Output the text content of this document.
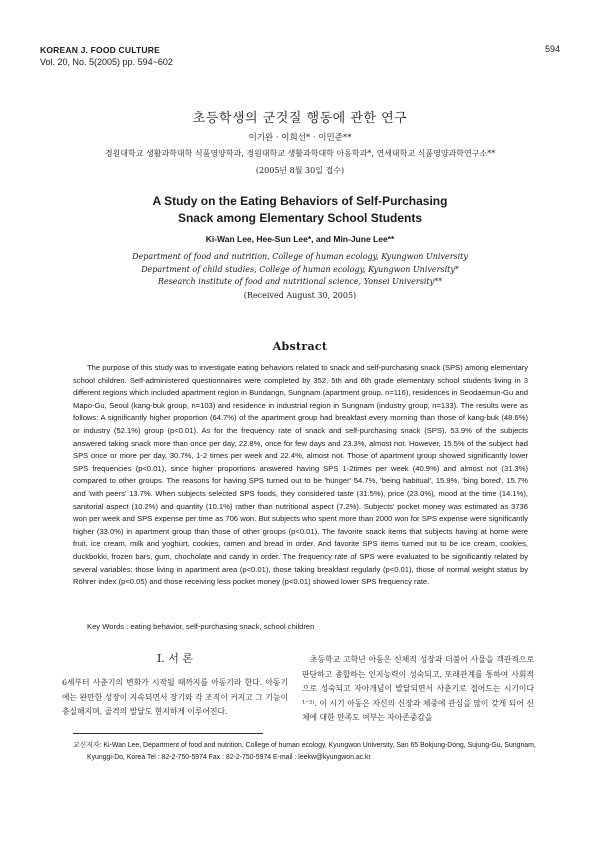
KOREAN J. FOOD CULTURE
Vol. 20, No. 5(2005) pp. 594~602
594
초등학생의 군것질 행동에 관한 연구
이기완 · 이희선* · 이민준**
경원대학교 생활과학대학 식품영양학과, 경원대학교 생활과학대학 아동학과*, 연세대학교 식품영양과학연구소**
(2005년 8월 30일 접수)
A Study on the Eating Behaviors of Self-Purchasing
Snack among Elementary School Students
Ki-Wan Lee, Hee-Sun Lee*, and Min-June Lee**
Department of food and nutrition, College of human ecology, Kyungwon University
Department of child studies, College of human ecology, Kyungwon University*
Research institute of food and nutritional science, Yonsei University**
(Received August 30, 2005)
Abstract

The purpose of this study was to investigate eating behaviors related to snack and self-purchasing snack (SPS) among elementary school children. Self-administered questionnaires were completed by 352, 5th and 6th grade elementary school students living in 3 different regions which included apartment region in Bundangn, Sungnam (apartment group, n=116), residences in Seodaemun-Gu and Mapo-Gu, Seoul (kang-buk group, n=103) and residence in industrial region in Sungnam (industry group, n=133). The results were as follows: A significantly higher proportion (64.7%) of the apartment group had breakfast every morning than those of kang-buk (48.6%) or industry (52.1%) group (p<0.01). As for the frequency rate of snack and self-purchasing snack (SPS), 53.9% of the subjects answered taking snack more than once per day, 22.8%, once for few days and 23.3%, almost not. However, 15.5% of the subject had SPS once or more per day, 30.7%, 1-2 times per week and 22.4%, almost not. Those of apartment group showed significantly lower SPS frequencies (p<0.01), since higher proportions answered having SPS 1-2times per week (40.9%) and almost not (31.3%) compared to other groups. The reasons for having SPS turned out to be 'hunger' 54.7%, 'being habitual', 15.9%, 'bing bored', 15.7% and 'with peers' 13.7%. When subjects selected SPS foods, they considered taste (31.5%), price (23.0%), mood at the time (14.1%), sanitorial aspect (10.2%) and quantity (10.1%) rather than nutritional aspect (7.2%). Subjects' pocket money was estimated as 3736 won per week and SPS expense per time as 706 won. But subjects who spent more than 2000 won for SPS expense were significantly higher (33.0%) in apartment group than those of other groups (p<0.01). The favorite snack items that subjects having at home were fruit, ice cream, milk and yoghurt, cookies, ramen and bread in order. And favorite SPS items turned out to be ice cream, cookies, duckbokki, frozen bars, gum, chocholate and candy in order. The frequency rate of SPS were evaluated to be significantly related by several variables: those living in apartment area (p<0.01), those taking breakfast regularly (p<0.01), those of normal weight status by Röhrer index (p<0.05) and those receiving less pocket money (p<0.01) showed lower SPS frequency rate.

Key Words : eating behavior, self-purchasing snack, school children
I. 서 론

6세부터 사춘기의 변화가 시작될 때까지를 아동기라 한다. 아동기에는 완만한 성장이 지속되면서 장기와 각 조직이 커지고 그 기능이 충실해지며, 골격의 발달도 현저하게 이루어진다.

초등학교 고학년 아동은 신체적 성장과 더불어 사물을 객관적으로 판단하고 종합하는 인지능력이 성숙되고, 또래관계를 통하여 사회적으로 성숙되고 자아개념이 발달되면서 사춘기로 접어드는 시기이다¹⁻²⁾. 이 시기 아동은 자신의 신장과 체중에 관심을 많이 갖게 되어 신체에 대한 만족도 여부는 자아존중감을

교신저자: Ki-Wan Lee, Department of food and nutrition, College of human ecology, Kyungwon University, San 65 Bokjung-Dong, Sujung-Gu, Sungnam,
Kyunggi-Do, Korea Tel : 82-2-750-5974 Fax : 82-2-750-5974 E-mail : leekw@kyungwon.ac.kr
